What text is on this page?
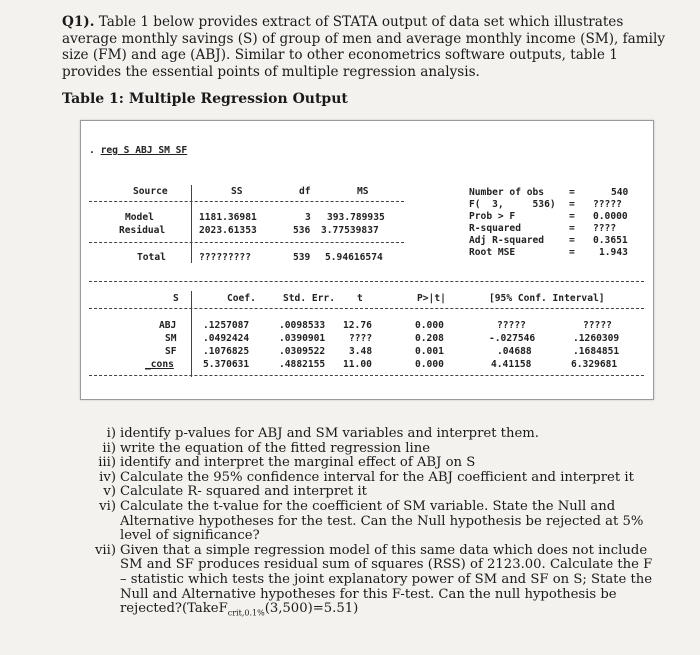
Q1). Table 1 below provides extract of STATA output of data set which illustrates average monthly savings (S) of group of men and average monthly income (SM), family size (FM) and age (ABJ). Similar to other econometrics software outputs, table 1 provides the essential points of multiple regression analysis.
Table 1: Multiple Regression Output
. reg S ABJ SM SF
Source	SS	df	MS
Model	1181.36981	3 393.789935
Residual	2023.61353	536 3.77539837
Total	?????????	539 5.94616574
Number of obs	=	540
F(  3,     536) = ?????
Prob > F	= 0.0000
R-squared	= ????
Adj R-squared	= 0.3651
Root MSE	=	1.943
S	Coef.	Std. Err. t	P>|t|	[95% Conf. Interval]
ABJ	.1257087	.0098533 12.76	0.000	?????	?????
SM	.0492424	.0390901 ????	0.208	-.027546	.1260309
SF	.1076825	.0309522 3.48	0.001	.04688	.1684851
_cons	5.370631	.4882155 11.00	0.000	4.41158	6.329681
i) identify p-values for ABJ and SM variables and interpret them.
ii) write the equation of the fitted regression line
iii) identify and interpret the marginal effect of ABJ on S
iv) Calculate the 95% confidence interval for the ABJ coefficient and interpret it
v) Calculate R- squared and interpret it
vi) Calculate the t-value for the coefficient of SM variable. State the Null and Alternative hypotheses for the test. Can the Null hypothesis be rejected at 5% level of significance?
vii) Given that a simple regression model of this same data which does not include SM and SF produces residual sum of squares (RSS) of 2123.00. Calculate the F – statistic which tests the joint explanatory power of SM and SF on S; State the Null and Alternative hypotheses for this F-test. Can the null hypothesis be rejected?(TakeF$_{crit,0.1\%}$(3,500)=5.51)
